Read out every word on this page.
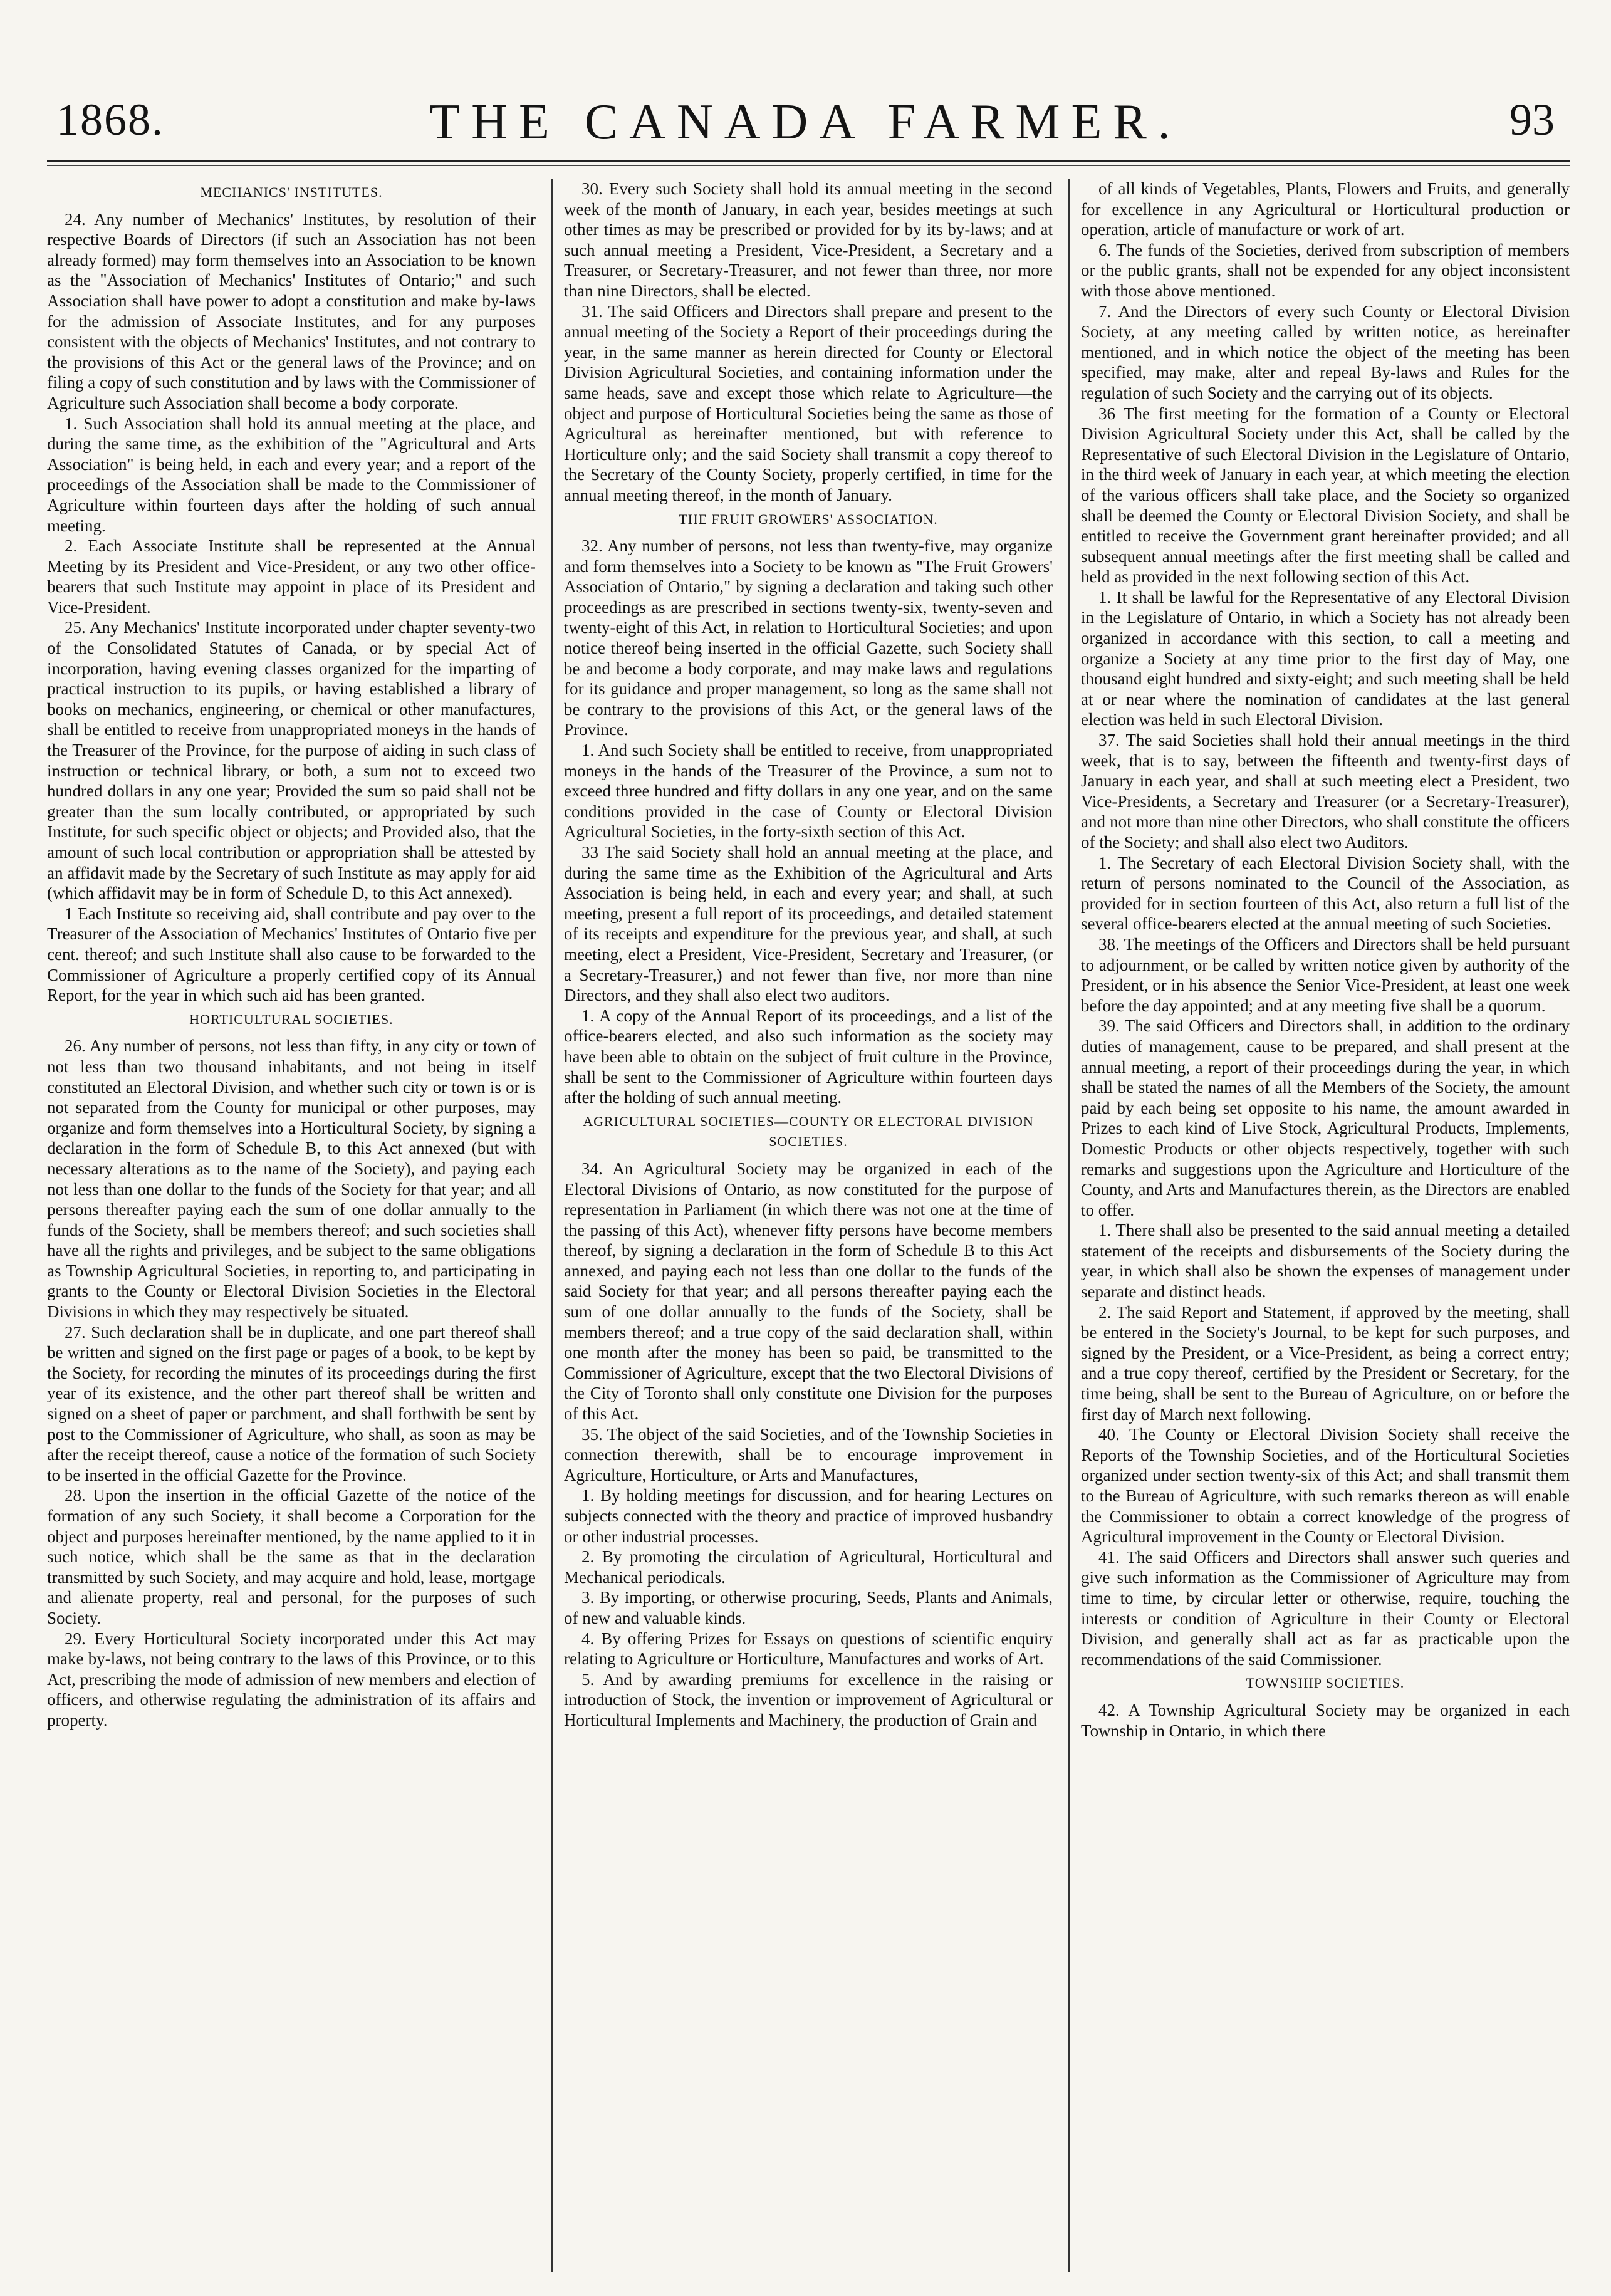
1868.	THE CANADA FARMER.	93
MECHANICS' INSTITUTES.

24. Any number of Mechanics' Institutes, by resolution of their respective Boards of Directors (if such an Association has not been already formed) may form themselves into an Association to be known as the "Association of Mechanics' Institutes of Ontario;" and such Association shall have power to adopt a constitution and make by-laws for the admission of Associate Institutes, and for any purposes consistent with the objects of Mechanics' Institutes, and not contrary to the provisions of this Act or the general laws of the Province; and on filing a copy of such constitution and by laws with the Commissioner of Agriculture such Association shall become a body corporate.

1. Such Association shall hold its annual meeting at the place, and during the same time, as the exhibition of the "Agricultural and Arts Association" is being held, in each and every year; and a report of the proceedings of the Association shall be made to the Commissioner of Agriculture within fourteen days after the holding of such annual meeting.

2. Each Associate Institute shall be represented at the Annual Meeting by its President and Vice-President, or any two other office-bearers that such Institute may appoint in place of its President and Vice-President.

25. Any Mechanics' Institute incorporated under chapter seventy-two of the Consolidated Statutes of Canada, or by special Act of incorporation, having evening classes organized for the imparting of practical instruction to its pupils, or having established a library of books on mechanics, engineering, or chemical or other manufactures, shall be entitled to receive from unappropriated moneys in the hands of the Treasurer of the Province, for the purpose of aiding in such class of instruction or technical library, or both, a sum not to exceed two hundred dollars in any one year; Provided the sum so paid shall not be greater than the sum locally contributed, or appropriated by such Institute, for such specific object or objects; and Provided also, that the amount of such local contribution or appropriation shall be attested by an affidavit made by the Secretary of such Institute as may apply for aid (which affidavit may be in form of Schedule D, to this Act annexed).

1 Each Institute so receiving aid, shall contribute and pay over to the Treasurer of the Association of Mechanics' Institutes of Ontario five per cent. thereof; and such Institute shall also cause to be forwarded to the Commissioner of Agriculture a properly certified copy of its Annual Report, for the year in which such aid has been granted.

HORTICULTURAL SOCIETIES.

26. Any number of persons, not less than fifty, in any city or town of not less than two thousand inhabitants, and not being in itself constituted an Electoral Division, and whether such city or town is or is not separated from the County for municipal or other purposes, may organize and form themselves into a Horticultural Society, by signing a declaration in the form of Schedule B, to this Act annexed (but with necessary alterations as to the name of the Society), and paying each not less than one dollar to the funds of the Society for that year; and all persons thereafter paying each the sum of one dollar annually to the funds of the Society, shall be members thereof; and such societies shall have all the rights and privileges, and be subject to the same obligations as Township Agricultural Societies, in reporting to, and participating in grants to the County or Electoral Division Societies in the Electoral Divisions in which they may respectively be situated.

27. Such declaration shall be in duplicate, and one part thereof shall be written and signed on the first page or pages of a book, to be kept by the Society, for recording the minutes of its proceedings during the first year of its existence, and the other part thereof shall be written and signed on a sheet of paper or parchment, and shall forthwith be sent by post to the Commissioner of Agriculture, who shall, as soon as may be after the receipt thereof, cause a notice of the formation of such Society to be inserted in the official Gazette for the Province.

28. Upon the insertion in the official Gazette of the notice of the formation of any such Society, it shall become a Corporation for the object and purposes hereinafter mentioned, by the name applied to it in such notice, which shall be the same as that in the declaration transmitted by such Society, and may acquire and hold, lease, mortgage and alienate property, real and personal, for the purposes of such Society.

29. Every Horticultural Society incorporated under this Act may make by-laws, not being contrary to the laws of this Province, or to this Act, prescribing the mode of admission of new members and election of officers, and otherwise regulating the administration of its affairs and property.

30. Every such Society shall hold its annual meeting in the second week of the month of January, in each year, besides meetings at such other times as may be prescribed or provided for by its by-laws; and at such annual meeting a President, Vice-President, a Secretary and a Treasurer, or Secretary-Treasurer, and not fewer than three, nor more than nine Directors, shall be elected.

31. The said Officers and Directors shall prepare and present to the annual meeting of the Society a Report of their proceedings during the year, in the same manner as herein directed for County or Electoral Division Agricultural Societies, and containing information under the same heads, save and except those which relate to Agriculture—the object and purpose of Horticultural Societies being the same as those of Agricultural as hereinafter mentioned, but with reference to Horticulture only; and the said Society shall transmit a copy thereof to the Secretary of the County Society, properly certified, in time for the annual meeting thereof, in the month of January.

THE FRUIT GROWERS' ASSOCIATION.

32. Any number of persons, not less than twenty-five, may organize and form themselves into a Society to be known as "The Fruit Growers' Association of Ontario," by signing a declaration and taking such other proceedings as are prescribed in sections twenty-six, twenty-seven and twenty-eight of this Act, in relation to Horticultural Societies; and upon notice thereof being inserted in the official Gazette, such Society shall be and become a body corporate, and may make laws and regulations for its guidance and proper management, so long as the same shall not be contrary to the provisions of this Act, or the general laws of the Province.

1. And such Society shall be entitled to receive, from unappropriated moneys in the hands of the Treasurer of the Province, a sum not to exceed three hundred and fifty dollars in any one year, and on the same conditions provided in the case of County or Electoral Division Agricultural Societies, in the forty-sixth section of this Act.

33 The said Society shall hold an annual meeting at the place, and during the same time as the Exhibition of the Agricultural and Arts Association is being held, in each and every year; and shall, at such meeting, present a full report of its proceedings, and detailed statement of its receipts and expenditure for the previous year, and shall, at such meeting, elect a President, Vice-President, Secretary and Treasurer, (or a Secretary-Treasurer,) and not fewer than five, nor more than nine Directors, and they shall also elect two auditors.

1. A copy of the Annual Report of its proceedings, and a list of the office-bearers elected, and also such information as the society may have been able to obtain on the subject of fruit culture in the Province, shall be sent to the Commissioner of Agriculture within fourteen days after the holding of such annual meeting.

AGRICULTURAL SOCIETIES—COUNTY OR ELECTORAL DIVISION SOCIETIES.

34. An Agricultural Society may be organized in each of the Electoral Divisions of Ontario, as now constituted for the purpose of representation in Parliament (in which there was not one at the time of the passing of this Act), whenever fifty persons have become members thereof, by signing a declaration in the form of Schedule B to this Act annexed, and paying each not less than one dollar to the funds of the said Society for that year; and all persons thereafter paying each the sum of one dollar annually to the funds of the Society, shall be members thereof; and a true copy of the said declaration shall, within one month after the money has been so paid, be transmitted to the Commissioner of Agriculture, except that the two Electoral Divisions of the City of Toronto shall only constitute one Division for the purposes of this Act.

35. The object of the said Societies, and of the Township Societies in connection therewith, shall be to encourage improvement in Agriculture, Horticulture, or Arts and Manufactures,

1. By holding meetings for discussion, and for hearing Lectures on subjects connected with the theory and practice of improved husbandry or other industrial processes.

2. By promoting the circulation of Agricultural, Horticultural and Mechanical periodicals.

3. By importing, or otherwise procuring, Seeds, Plants and Animals, of new and valuable kinds.

4. By offering Prizes for Essays on questions of scientific enquiry relating to Agriculture or Horticulture, Manufactures and works of Art.

5. And by awarding premiums for excellence in the raising or introduction of Stock, the invention or improvement of Agricultural or Horticultural Implements and Machinery, the production of Grain and

of all kinds of Vegetables, Plants, Flowers and Fruits, and generally for excellence in any Agricultural or Horticultural production or operation, article of manufacture or work of art.

6. The funds of the Societies, derived from subscription of members or the public grants, shall not be expended for any object inconsistent with those above mentioned.

7. And the Directors of every such County or Electoral Division Society, at any meeting called by written notice, as hereinafter mentioned, and in which notice the object of the meeting has been specified, may make, alter and repeal By-laws and Rules for the regulation of such Society and the carrying out of its objects.

36 The first meeting for the formation of a County or Electoral Division Agricultural Society under this Act, shall be called by the Representative of such Electoral Division in the Legislature of Ontario, in the third week of January in each year, at which meeting the election of the various officers shall take place, and the Society so organized shall be deemed the County or Electoral Division Society, and shall be entitled to receive the Government grant hereinafter provided; and all subsequent annual meetings after the first meeting shall be called and held as provided in the next following section of this Act.

1. It shall be lawful for the Representative of any Electoral Division in the Legislature of Ontario, in which a Society has not already been organized in accordance with this section, to call a meeting and organize a Society at any time prior to the first day of May, one thousand eight hundred and sixty-eight; and such meeting shall be held at or near where the nomination of candidates at the last general election was held in such Electoral Division.

37. The said Societies shall hold their annual meetings in the third week, that is to say, between the fifteenth and twenty-first days of January in each year, and shall at such meeting elect a President, two Vice-Presidents, a Secretary and Treasurer (or a Secretary-Treasurer), and not more than nine other Directors, who shall constitute the officers of the Society; and shall also elect two Auditors.

1. The Secretary of each Electoral Division Society shall, with the return of persons nominated to the Council of the Association, as provided for in section fourteen of this Act, also return a full list of the several office-bearers elected at the annual meeting of such Societies.

38. The meetings of the Officers and Directors shall be held pursuant to adjournment, or be called by written notice given by authority of the President, or in his absence the Senior Vice-President, at least one week before the day appointed; and at any meeting five shall be a quorum.

39. The said Officers and Directors shall, in addition to the ordinary duties of management, cause to be prepared, and shall present at the annual meeting, a report of their proceedings during the year, in which shall be stated the names of all the Members of the Society, the amount paid by each being set opposite to his name, the amount awarded in Prizes to each kind of Live Stock, Agricultural Products, Implements, Domestic Products or other objects respectively, together with such remarks and suggestions upon the Agriculture and Horticulture of the County, and Arts and Manufactures therein, as the Directors are enabled to offer.

1. There shall also be presented to the said annual meeting a detailed statement of the receipts and disbursements of the Society during the year, in which shall also be shown the expenses of management under separate and distinct heads.

2. The said Report and Statement, if approved by the meeting, shall be entered in the Society's Journal, to be kept for such purposes, and signed by the President, or a Vice-President, as being a correct entry; and a true copy thereof, certified by the President or Secretary, for the time being, shall be sent to the Bureau of Agriculture, on or before the first day of March next following.

40. The County or Electoral Division Society shall receive the Reports of the Township Societies, and of the Horticultural Societies organized under section twenty-six of this Act; and shall transmit them to the Bureau of Agriculture, with such remarks thereon as will enable the Commissioner to obtain a correct knowledge of the progress of Agricultural improvement in the County or Electoral Division.

41. The said Officers and Directors shall answer such queries and give such information as the Commissioner of Agriculture may from time to time, by circular letter or otherwise, require, touching the interests or condition of Agriculture in their County or Electoral Division, and generally shall act as far as practicable upon the recommendations of the said Commissioner.

TOWNSHIP SOCIETIES.

42. A Township Agricultural Society may be organized in each Township in Ontario, in which there
